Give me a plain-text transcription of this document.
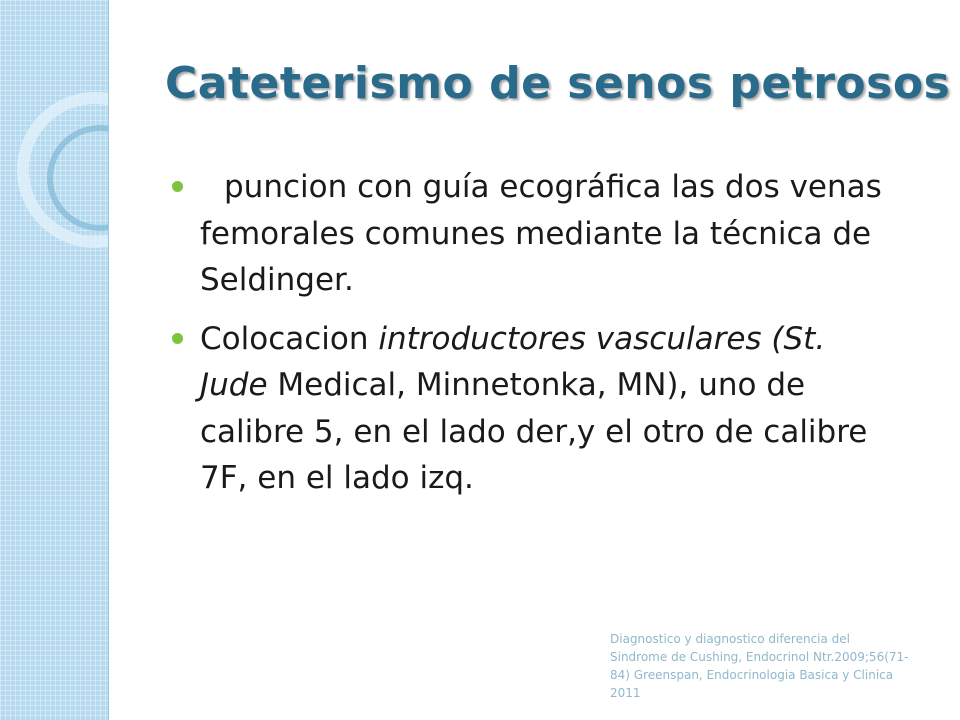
Cateterismo de senos petrosos
puncion con guía ecográfica las dos venas femorales comunes mediante la técnica de Seldinger.
Colocacion introductores vasculares (St. Jude Medical, Minnetonka, MN), uno de calibre 5, en el lado der,y el otro de calibre 7F, en el lado izq.
Diagnostico y diagnostico diferencia del Sindrome de Cushing, Endocrinol Ntr.2009;56(71-84) Greenspan, Endocrinologia Basica y Clinica 2011
